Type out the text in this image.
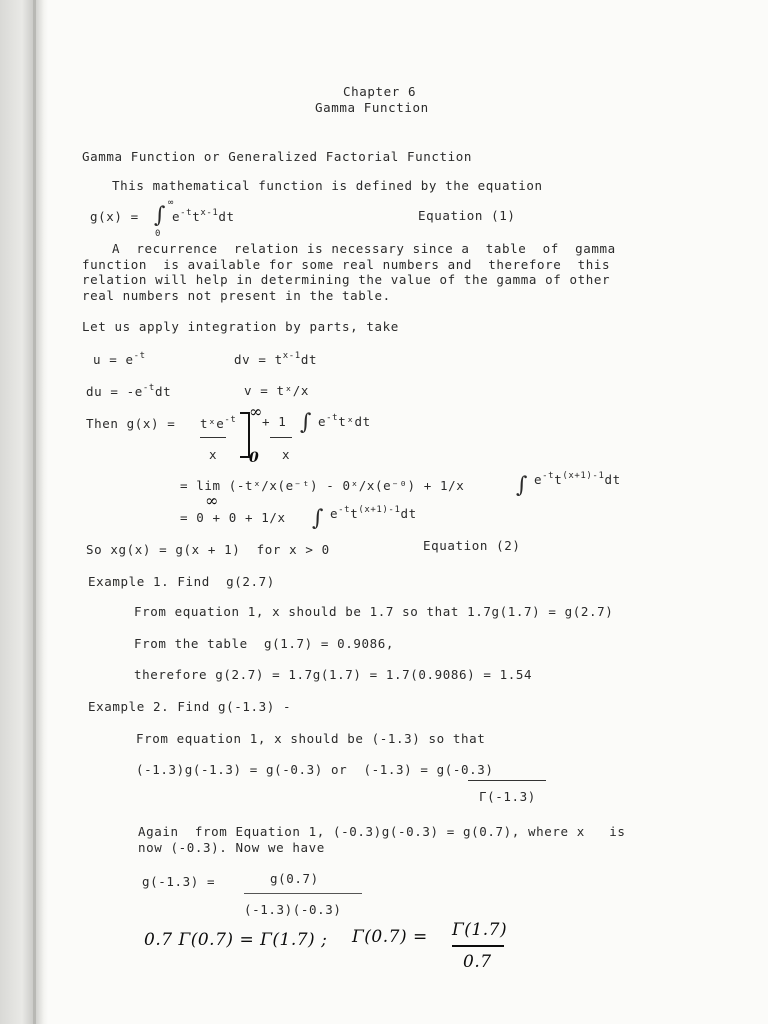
Chapter 6
Gamma Function
Gamma Function or Generalized Factorial Function
This mathematical function is defined by the equation
g(x) = ∫ ∞
0
$e^{-t}t^{x-1}dt$	Equation (1)
A  recurrence  relation is necessary since a  table  of  gamma
function  is available for some real numbers and  therefore  this
relation will help in determining the value of the gamma of other
real numbers not present in the table.
Let us apply integration by parts, take
$u = e^{-t}$	dv = $t^{x-1}dt$
du = $-e^{-t}dt$	v = tˣ/x
Then g(x) = tˣe$^{-t}$
x
∞
0
+ 1
x
∫ $e^{-t}tˣdt$
= lim (-tˣ/x(e⁻ᵗ) - 0ˣ/x(e⁻⁰) + 1/x
∞
∫ $e^{-t}t^{(x+1)-1}dt$
= 0 + 0 + 1/x ∫ $e^{-t}t^{(x+1)-1}dt$
So xg(x) = g(x + 1)  for x > 0	Equation (2)
Example 1. Find  g(2.7)
From equation 1, x should be 1.7 so that 1.7g(1.7) = g(2.7)
From the table  g(1.7) = 0.9086,
therefore g(2.7) = 1.7g(1.7) = 1.7(0.9086) = 1.54
Example 2. Find g(-1.3) -
From equation 1, x should be (-1.3) so that
(-1.3)g(-1.3) = g(-0.3) or  (-1.3) = g(-0.3)
Γ(-1.3)
Again  from Equation 1, (-0.3)g(-0.3) = g(0.7), where x   is
now (-0.3). Now we have
g(-1.3) =	g(0.7)
(-1.3)(-0.3)
0.7 Γ(0.7) = Γ(1.7) ; Γ(0.7) = Γ(1.7)
0.7
